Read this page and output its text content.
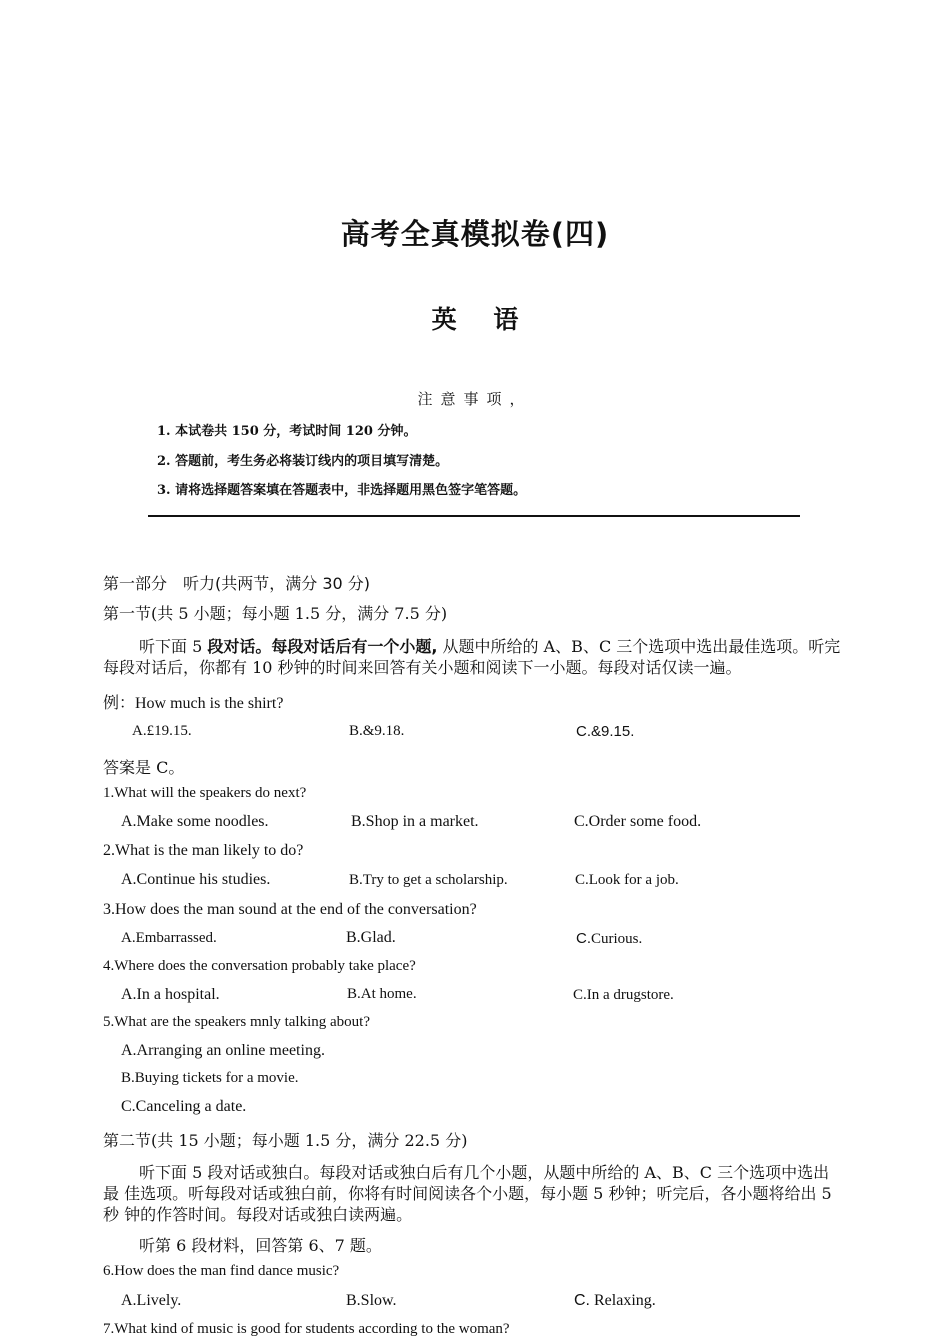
高考全真模拟卷(四)
英 语
注意事项，
1. 本试卷共 150 分，考试时间 120 分钟。
2. 答题前，考生务必将装订线内的项目填写清楚。
3. 请将选择题答案填在答题表中，非选择题用黑色签字笔答题。
第一部分　听力(共两节，满分 30 分)
第一节(共 5 小题；每小题 1.5 分，满分 7.5 分)
听下面 5 段对话。每段对话后有一个小题, 从题中所给的 A、B、C 三个选项中选出最佳选项。听完 每段对话后，你都有 10 秒钟的时间来回答有关小题和阅读下一小题。每段对话仅读一遍。
例：How much is the shirt?
A.£19.15.	B.&9.18.	C.&9.15.
答案是 C。
1.What will the speakers do next?
A.Make some noodles.	B.Shop in a market.	C.Order some food.
2.What is the man likely to do?
A.Continue his studies.	B.Try to get a scholarship.	C.Look for a job.
3.How does the man sound at the end of the conversation?
A.Embarrassed.	B.Glad.	C.Curious.
4.Where does the conversation probably take place?
A.In a hospital.	B.At home.	C.In a drugstore.
5.What are the speakers mnly talking about?
A.Arranging an online meeting.
B.Buying tickets for a movie.
C.Canceling a date.
第二节(共 15 小题；每小题 1.5 分，满分 22.5 分)
听下面 5 段对话或独白。每段对话或独白后有几个小题，从题中所给的 A、B、C 三个选项中选出最 佳选项。听每段对话或独白前，你将有时间阅读各个小题，每小题 5 秒钟；听完后，各小题将给出 5 秒 钟的作答时间。每段对话或独白读两遍。
听第 6 段材料，回答第 6、7 题。
6.How does the man find dance music?
A.Lively.	B.Slow.	C. Relaxing.
7.What kind of music is good for students according to the woman?
